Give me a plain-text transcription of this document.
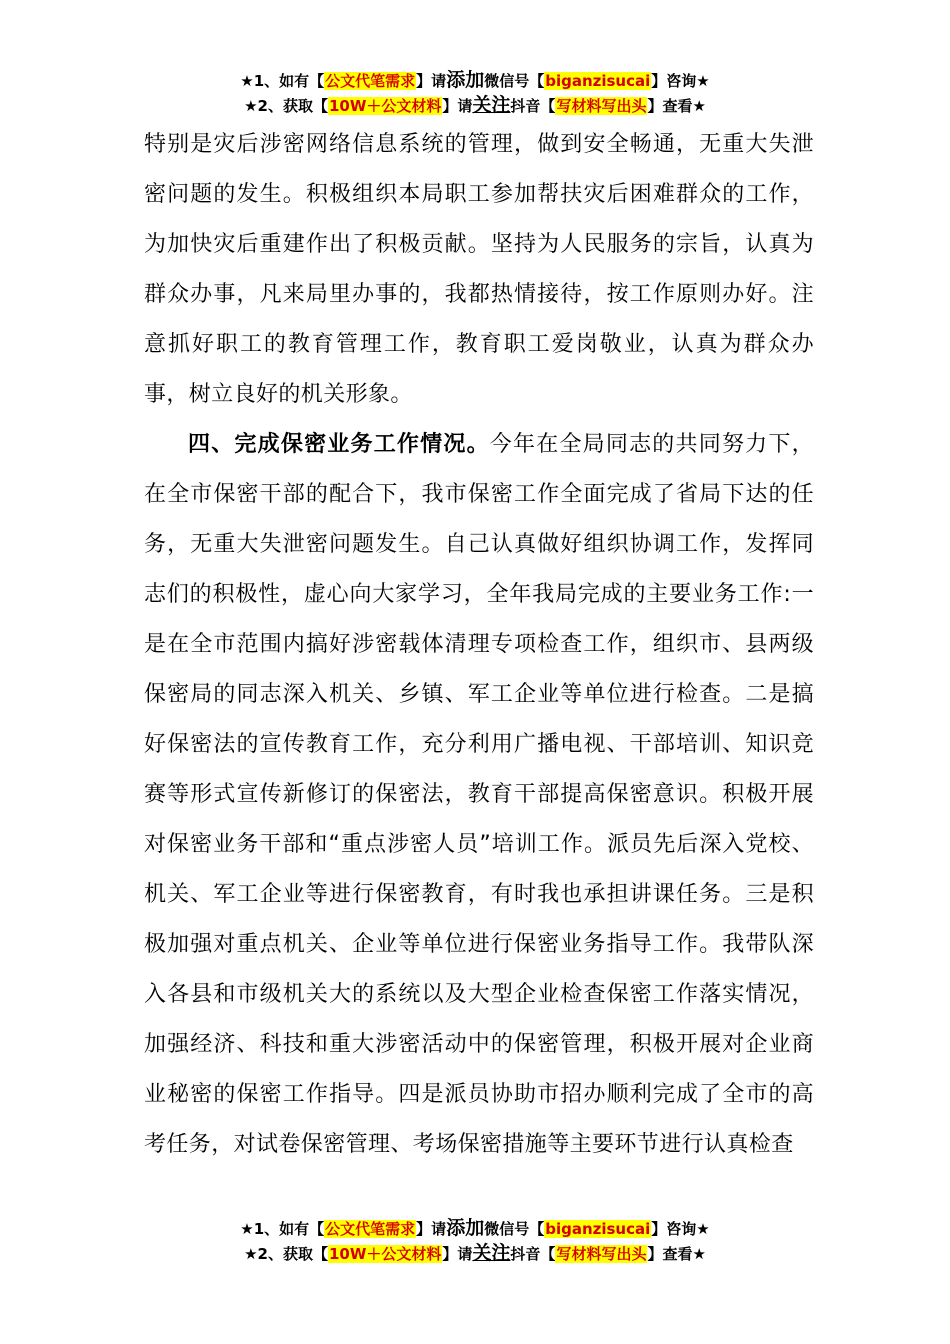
★1、如有【公文代笔需求】请添加微信号【biganzisucai】咨询★
★2、获取【10W＋公文材料】请关注抖音【写材料写出头】查看★

特别是灾后涉密网络信息系统的管理，做到安全畅通，无重大失泄密问题的发生。积极组织本局职工参加帮扶灾后困难群众的工作，为加快灾后重建作出了积极贡献。坚持为人民服务的宗旨，认真为群众办事，凡来局里办事的，我都热情接待，按工作原则办好。注意抓好职工的教育管理工作，教育职工爱岗敬业，认真为群众办事，树立良好的机关形象。

四、完成保密业务工作情况。今年在全局同志的共同努力下，在全市保密干部的配合下，我市保密工作全面完成了省局下达的任务，无重大失泄密问题发生。自己认真做好组织协调工作，发挥同志们的积极性，虚心向大家学习，全年我局完成的主要业务工作:一是在全市范围内搞好涉密载体清理专项检查工作，组织市、县两级保密局的同志深入机关、乡镇、军工企业等单位进行检查。二是搞好保密法的宣传教育工作，充分利用广播电视、干部培训、知识竞赛等形式宣传新修订的保密法，教育干部提高保密意识。积极开展对保密业务干部和“重点涉密人员”培训工作。派员先后深入党校、机关、军工企业等进行保密教育，有时我也承担讲课任务。三是积极加强对重点机关、企业等单位进行保密业务指导工作。我带队深入各县和市级机关大的系统以及大型企业检查保密工作落实情况，加强经济、科技和重大涉密活动中的保密管理，积极开展对企业商业秘密的保密工作指导。四是派员协助市招办顺利完成了全市的高考任务，对试卷保密管理、考场保密措施等主要环节进行认真检查

★1、如有【公文代笔需求】请添加微信号【biganzisucai】咨询★
★2、获取【10W＋公文材料】请关注抖音【写材料写出头】查看★
